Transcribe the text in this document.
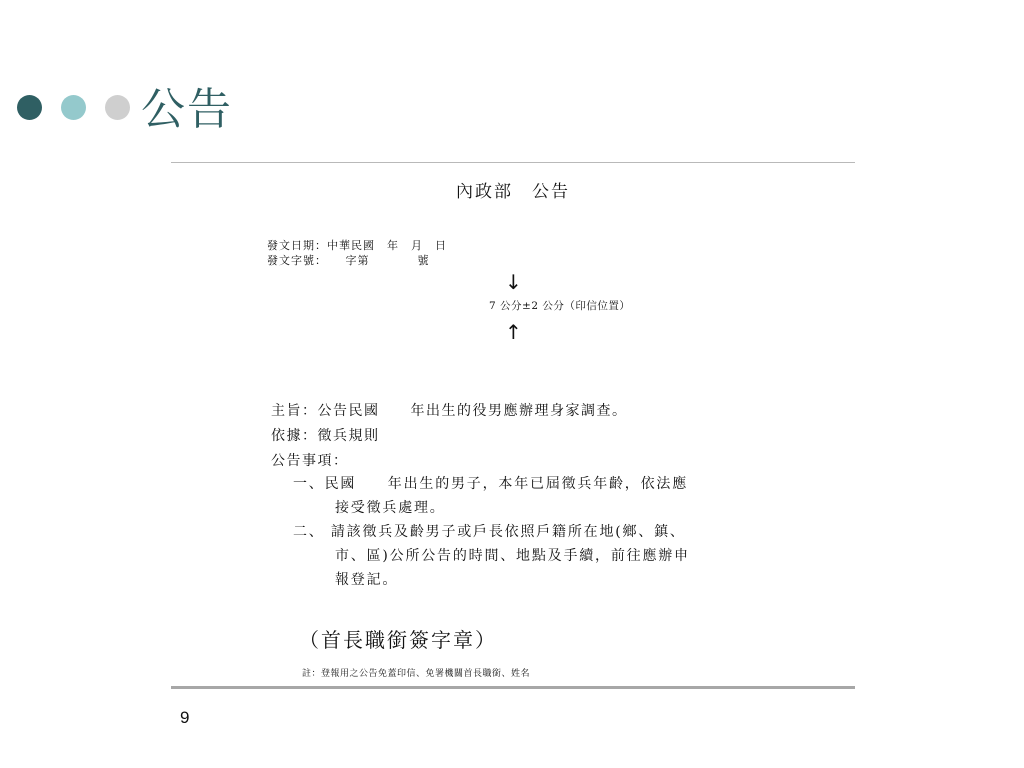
公告
內政部　公告
發文日期：中華民國　年　月　日
發文字號：　　字第　　　　號
↓
7 公分±2 公分（印信位置）
↑
主旨：公告民國　　年出生的役男應辦理身家調查。
依據：徵兵規則
公告事項：
一、民國　　年出生的男子，本年已屆徵兵年齡，依法應
接受徵兵處理。
二、 請該徵兵及齡男子或戶長依照戶籍所在地(鄉、鎮、
市、區)公所公告的時間、地點及手續，前往應辦申
報登記。
（首長職銜簽字章）
註：登報用之公告免蓋印信、免署機關首長職銜、姓名
9
